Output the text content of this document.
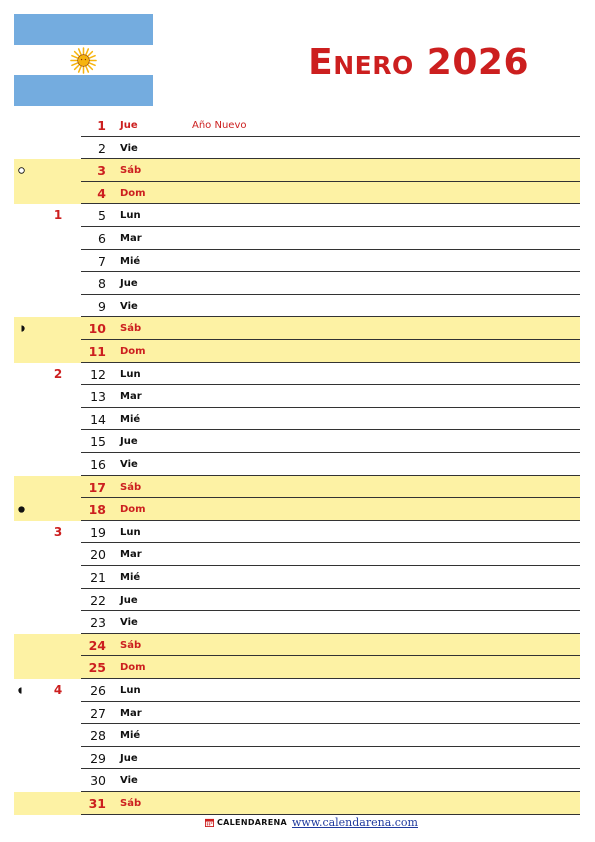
Enero 2026
1 Jue	Año Nuevo
2 Vie
3 Sáb
4 Dom
1	5 Lun
6 Mar
7 Mié
8 Jue
9 Vie
10 Sáb
11 Dom
2	12 Lun
13 Mar
14 Mié
15 Jue
16 Vie
17 Sáb
18 Dom
3	19 Lun
20 Mar
21 Mié
22 Jue
23 Vie
24 Sáb
25 Dom
4	26 Lun
27 Mar
28 Mié
29 Jue
30 Vie
31 Sáb
CALENDARENA www.calendarena.com
